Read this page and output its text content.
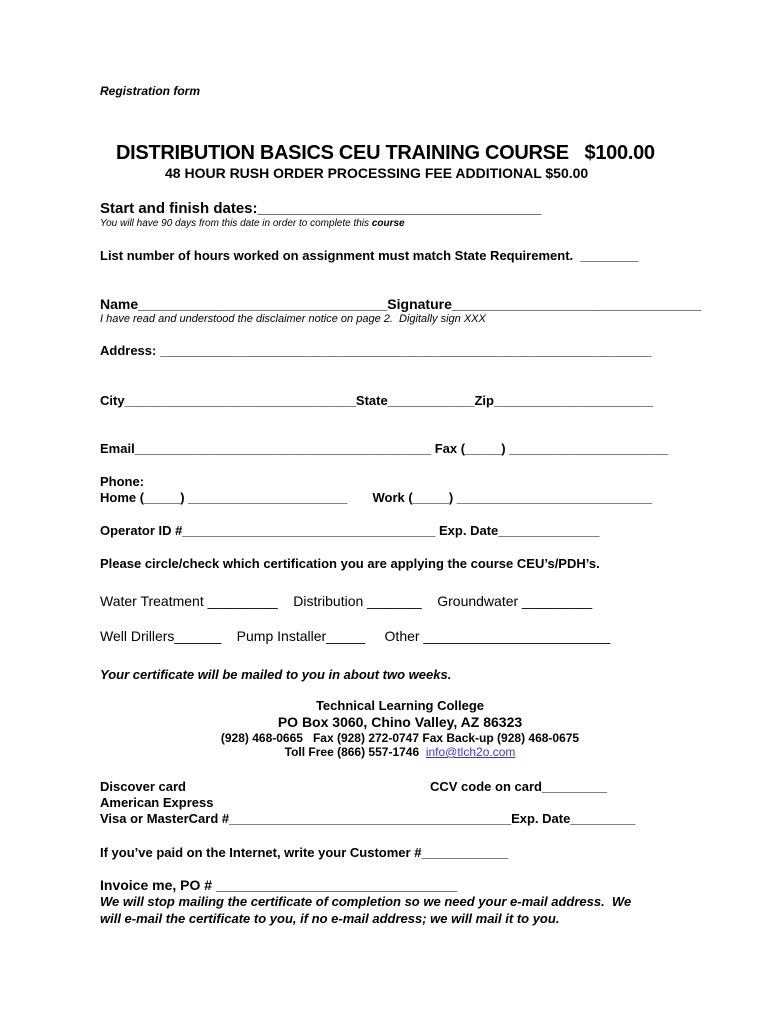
Registration form
DISTRIBUTION BASICS CEU TRAINING COURSE   $100.00
48 HOUR RUSH ORDER PROCESSING FEE ADDITIONAL $50.00
Start and finish dates:__________________________________
You will have 90 days from this date in order to complete this course
List number of hours worked on assignment must match State Requirement.  ________
Name________________________________Signature________________________________
I have read and understood the disclaimer notice on page 2.  Digitally sign XXX
Address: ____________________________________________________________________
City________________________________State____________Zip______________________
Email_________________________________________ Fax (_____) ______________________
Phone:
Home (_____) ______________________       Work (_____) ___________________________
Operator ID #___________________________________ Exp. Date______________
Please circle/check which certification you are applying the course CEU’s/PDH’s.
Water Treatment _________    Distribution _______    Groundwater _________
Well Drillers______    Pump Installer_____     Other ________________________
Your certificate will be mailed to you in about two weeks.
Technical Learning College
PO Box 3060, Chino Valley, AZ 86323
(928) 468-0665   Fax (928) 272-0747 Fax Back-up (928) 468-0675
Toll Free (866) 557-1746  info@tlch2o.com
Discover card	CCV code on card_________
American Express
Visa or MasterCard #_______________________________________Exp. Date_________
If you’ve paid on the Internet, write your Customer #____________
Invoice me, PO # _______________________________
We will stop mailing the certificate of completion so we need your e-mail address.  We
will e-mail the certificate to you, if no e-mail address; we will mail it to you.
